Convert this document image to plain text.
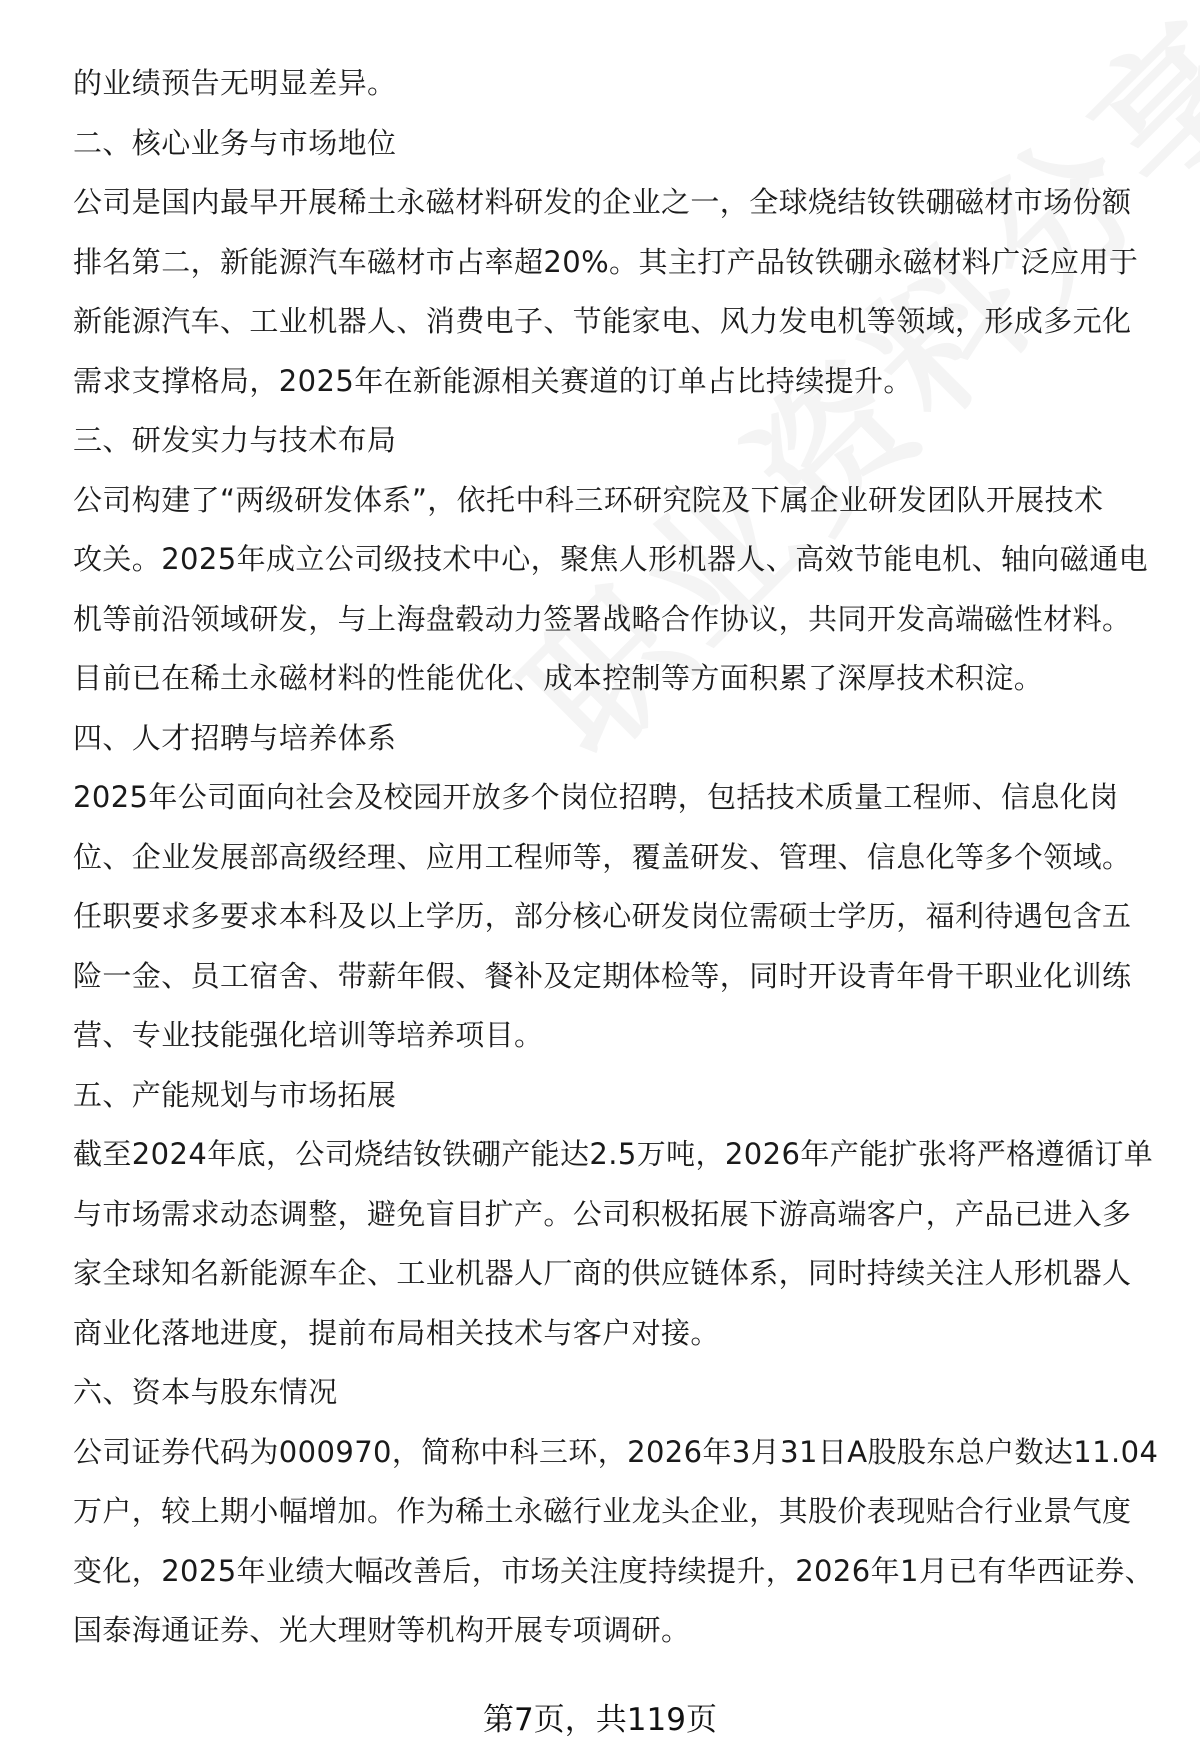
的业绩预告无明显差异。
二、核心业务与市场地位
公司是国内最早开展稀土永磁材料研发的企业之一，全球烧结钕铁硼磁材市场份额
排名第二，新能源汽车磁材市占率超20%。其主打产品钕铁硼永磁材料广泛应用于
新能源汽车、工业机器人、消费电子、节能家电、风力发电机等领域，形成多元化
需求支撑格局，2025年在新能源相关赛道的订单占比持续提升。
三、研发实力与技术布局
公司构建了“两级研发体系”，依托中科三环研究院及下属企业研发团队开展技术
攻关。2025年成立公司级技术中心，聚焦人形机器人、高效节能电机、轴向磁通电
机等前沿领域研发，与上海盘毂动力签署战略合作协议，共同开发高端磁性材料。
目前已在稀土永磁材料的性能优化、成本控制等方面积累了深厚技术积淀。
四、人才招聘与培养体系
2025年公司面向社会及校园开放多个岗位招聘，包括技术质量工程师、信息化岗
位、企业发展部高级经理、应用工程师等，覆盖研发、管理、信息化等多个领域。
任职要求多要求本科及以上学历，部分核心研发岗位需硕士学历，福利待遇包含五
险一金、员工宿舍、带薪年假、餐补及定期体检等，同时开设青年骨干职业化训练
营、专业技能强化培训等培养项目。
五、产能规划与市场拓展
截至2024年底，公司烧结钕铁硼产能达2.5万吨，2026年产能扩张将严格遵循订单
与市场需求动态调整，避免盲目扩产。公司积极拓展下游高端客户，产品已进入多
家全球知名新能源车企、工业机器人厂商的供应链体系，同时持续关注人形机器人
商业化落地进度，提前布局相关技术与客户对接。
六、资本与股东情况
公司证券代码为000970，简称中科三环，2026年3月31日A股股东总户数达11.04
万户，较上期小幅增加。作为稀土永磁行业龙头企业，其股价表现贴合行业景气度
变化，2025年业绩大幅改善后，市场关注度持续提升，2026年1月已有华西证券、
国泰海通证券、光大理财等机构开展专项调研。
第7页，共119页
